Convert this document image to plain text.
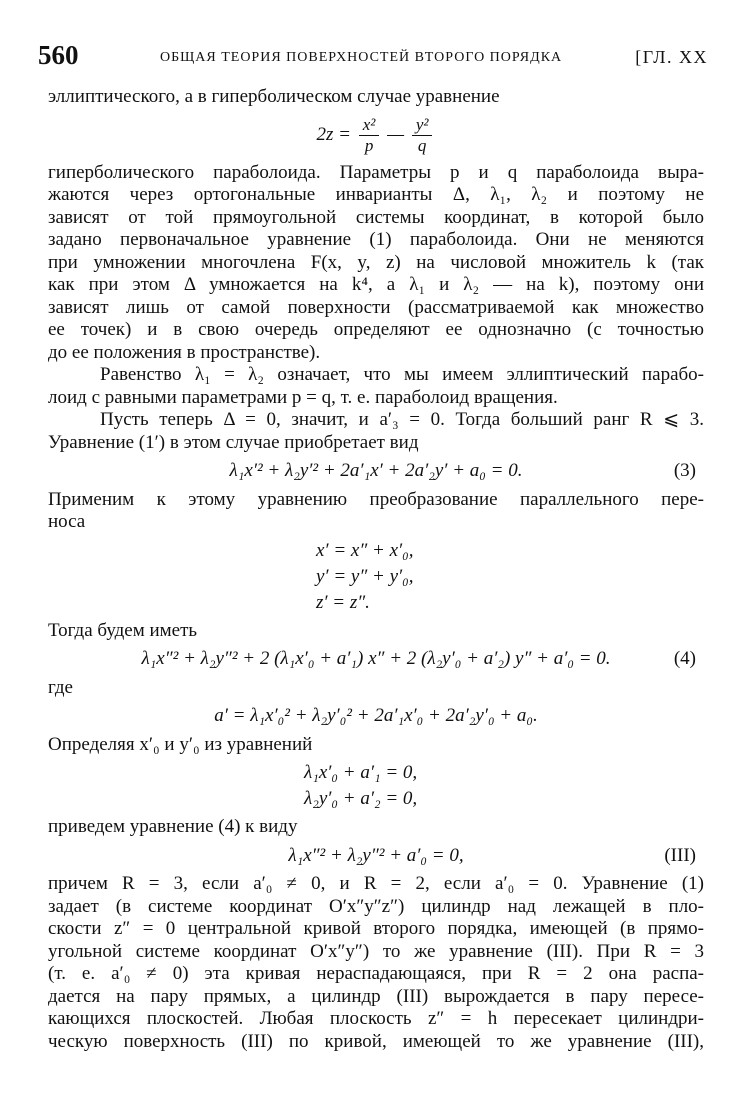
560	ОБЩАЯ ТЕОРИЯ ПОВЕРХНОСТЕЙ ВТОРОГО ПОРЯДКА	[ГЛ. XX
эллиптического, а в гиперболическом случае уравнение
$2z = \frac{\text{x²}}{p}$ — $\frac{\text{y²}}{q}$
гиперболического параболоида. Параметры p и q параболоида выра-
жаются через ортогональные инварианты Δ, λ₁, λ₂ и поэтому не
зависят от той прямоугольной системы координат, в которой было
задано первоначальное уравнение (1) параболоида. Они не меняются
при умножении многочлена F(x, y, z) на числовой множитель k (так
как при этом Δ умножается на k⁴, а λ₁ и λ₂ — на k), поэтому они
зависят лишь от самой поверхности (рассматриваемой как множество
ее точек) и в свою очередь определяют ее однозначно (с точностью
до ее положения в пространстве).
Равенство λ₁ = λ₂ означает, что мы имеем эллиптический парабо-
лоид с равными параметрами p = q, т. е. параболоид вращения.
Пусть теперь Δ = 0, значит, и a′₃ = 0. Тогда больший ранг R ⩽ 3.
Уравнение (1′) в этом случае приобретает вид
λ₁x′² + λ₂y′² + 2a′₁x′ + 2a′₂y′ + a₀ = 0.	(3)
Применим к этому уравнению преобразование параллельного пере-
носа
x′ = x″ + x′₀,
y′ = y″ + y′₀,
z′ = z″.
Тогда будем иметь
λ₁x″² + λ₂y″² + 2 (λ₁x′₀ + a′₁) x″ + 2 (λ₂y′₀ + a′₂) y″ + a′₀ = 0.	(4)
где
a′ = λ₁x′₀² + λ₂y′₀² + 2a′₁x′₀ + 2a′₂y′₀ + a₀.
Определяя x′₀ и y′₀ из уравнений
λ₁x′₀ + a′₁ = 0,
λ₂y′₀ + a′₂ = 0,
приведем уравнение (4) к виду
λ₁x″² + λ₂y″² + a′₀ = 0,	(III)
причем R = 3, если a′₀ ≠ 0, и R = 2, если a′₀ = 0. Уравнение (1)
задает (в системе координат O′x″y″z″) цилиндр над лежащей в пло-
скости z″ = 0 центральной кривой второго порядка, имеющей (в прямо-
угольной системе координат O′x″y″) то же уравнение (III). При R = 3
(т. е. a′₀ ≠ 0) эта кривая нераспадающаяся, при R = 2 она распа-
дается на пару прямых, а цилиндр (III) вырождается в пару пересе-
кающихся плоскостей. Любая плоскость z″ = h пересекает цилиндри-
ческую поверхность (III) по кривой, имеющей то же уравнение (III),
